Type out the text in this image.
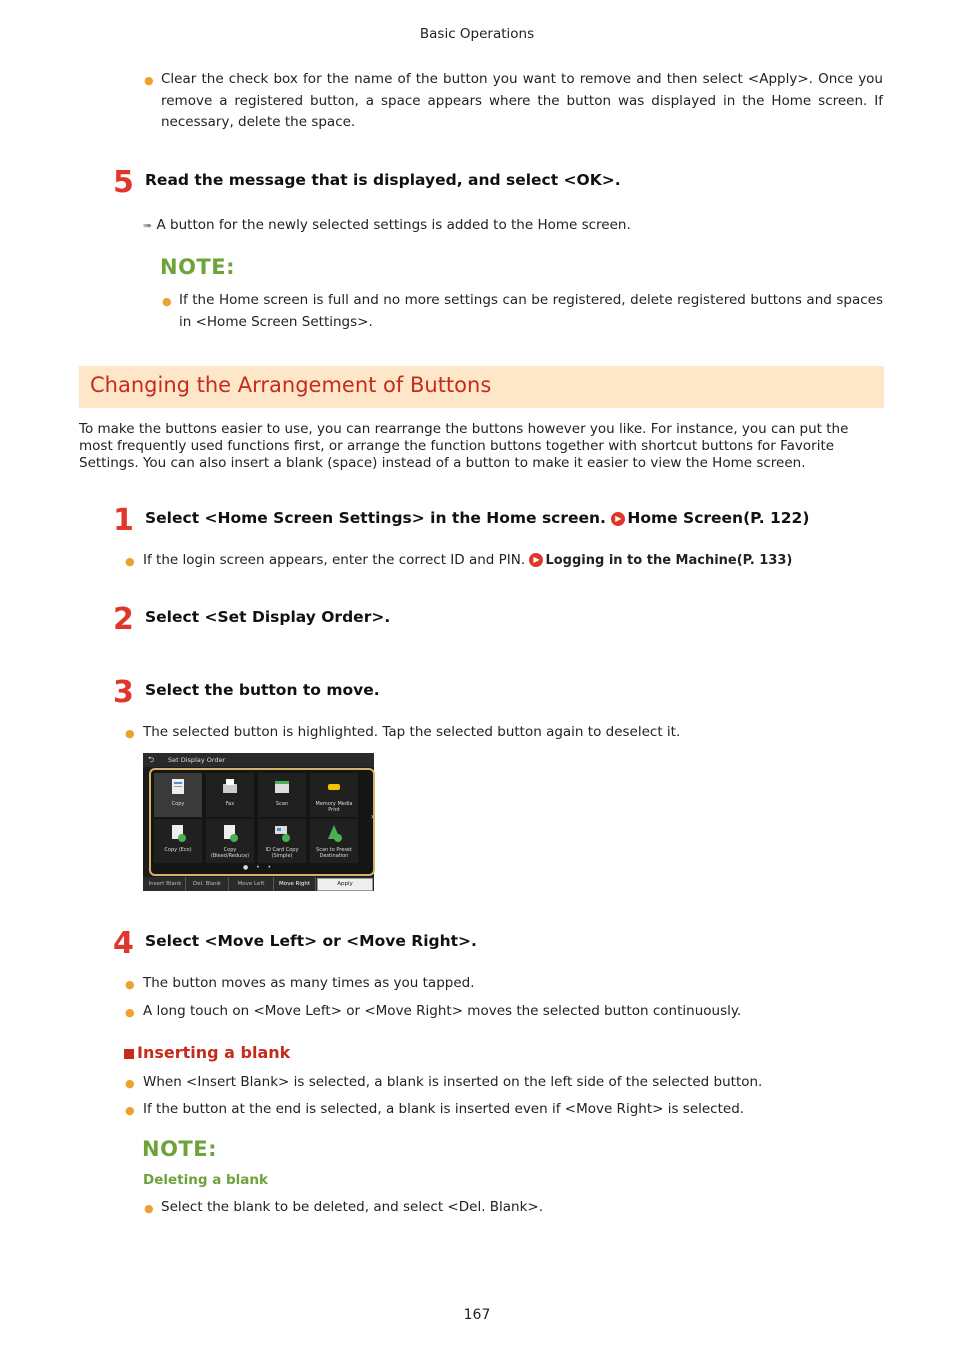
Basic Operations
● Clear the check box for the name of the button you want to remove and then select <Apply>. Once you remove a registered button, a space appears where the button was displayed in the Home screen. If necessary, delete the space.
5 Read the message that is displayed, and select <OK>.
➠ A button for the newly selected settings is added to the Home screen.
NOTE:
● If the Home screen is full and no more settings can be registered, delete registered buttons and spaces in <Home Screen Settings>.
Changing the Arrangement of Buttons
To make the buttons easier to use, you can rearrange the buttons however you like. For instance, you can put the most frequently used functions first, or arrange the function buttons together with shortcut buttons for Favorite Settings. You can also insert a blank (space) instead of a button to make it easier to view the Home screen.
1 Select <Home Screen Settings> in the Home screen. ▶ Home Screen(P. 122)
● If the login screen appears, enter the correct ID and PIN. ▶ Logging in to the Machine(P. 133)
2 Select <Set Display Order>.
3 Select the button to move.
● The selected button is highlighted. Tap the selected button again to deselect it.
⮌ Set Display Order
Copy	Fax	Scan	Memory Media Print
Copy (Eco)	Copy (Bleed/Reduce)
ID Card Copy (Simple)
Scan to Preset Destination
›
● • •
Insert Blank	Del. Blank	Move Left	Move Right	Apply
4 Select <Move Left> or <Move Right>.
● The button moves as many times as you tapped.
● A long touch on <Move Left> or <Move Right> moves the selected button continuously.
Inserting a blank
● When <Insert Blank> is selected, a blank is inserted on the left side of the selected button.
● If the button at the end is selected, a blank is inserted even if <Move Right> is selected.
NOTE:
Deleting a blank
● Select the blank to be deleted, and select <Del. Blank>.
167
